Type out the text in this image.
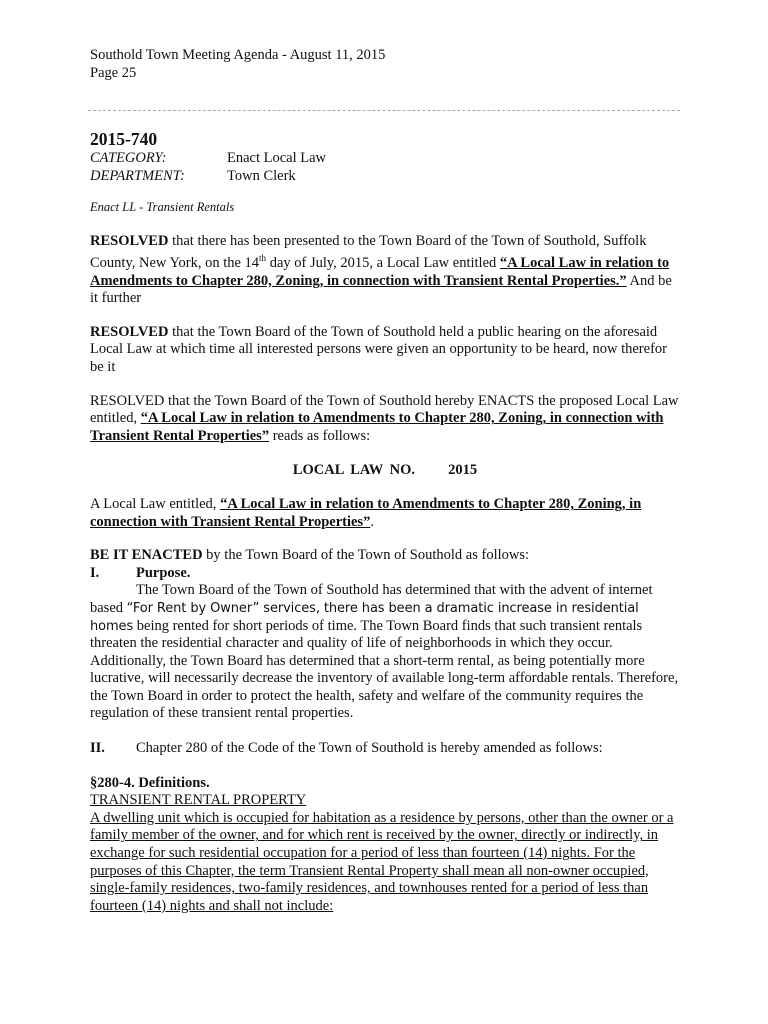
Southold Town Meeting Agenda - August 11, 2015
Page 25
2015-740
CATEGORY:	Enact Local Law
DEPARTMENT:	Town Clerk
Enact LL - Transient Rentals

RESOLVED that there has been presented to the Town Board of the Town of Southold, Suffolk County, New York, on the 14th day of July, 2015, a Local Law entitled “A Local Law in relation to Amendments to Chapter 280, Zoning, in connection with Transient Rental Properties.” And be it further

RESOLVED that the Town Board of the Town of Southold held a public hearing on the aforesaid Local Law at which time all interested persons were given an opportunity to be heard, now therefor be it

RESOLVED that the Town Board of the Town of Southold hereby ENACTS the proposed Local Law entitled, “A Local Law in relation to Amendments to Chapter 280, Zoning, in connection with Transient Rental Properties” reads as follows:

LOCAL LAW NO.     2015

A Local Law entitled, “A Local Law in relation to Amendments to Chapter 280, Zoning, in connection with Transient Rental Properties”.

BE IT ENACTED by the Town Board of the Town of Southold as follows:

I.	Purpose.

The Town Board of the Town of Southold has determined that with the advent of internet based “For Rent by Owner” services, there has been a dramatic increase in residential homes being rented for short periods of time. The Town Board finds that such transient rentals threaten the residential character and quality of life of neighborhoods in which they occur. Additionally, the Town Board has determined that a short-term rental, as being potentially more lucrative, will necessarily decrease the inventory of available long-term affordable rentals. Therefore, the Town Board in order to protect the health, safety and welfare of the community requires the regulation of these transient rental properties.

II.	Chapter 280 of the Code of the Town of Southold is hereby amended as follows:
§280-4. Definitions.
TRANSIENT RENTAL PROPERTY

A dwelling unit which is occupied for habitation as a residence by persons, other than the owner or a family member of the owner, and for which rent is received by the owner, directly or indirectly, in exchange for such residential occupation for a period of less than fourteen (14) nights. For the purposes of this Chapter, the term Transient Rental Property shall mean all non-owner occupied, single-family residences, two-family residences, and townhouses rented for a period of less than fourteen (14) nights and shall not include:
